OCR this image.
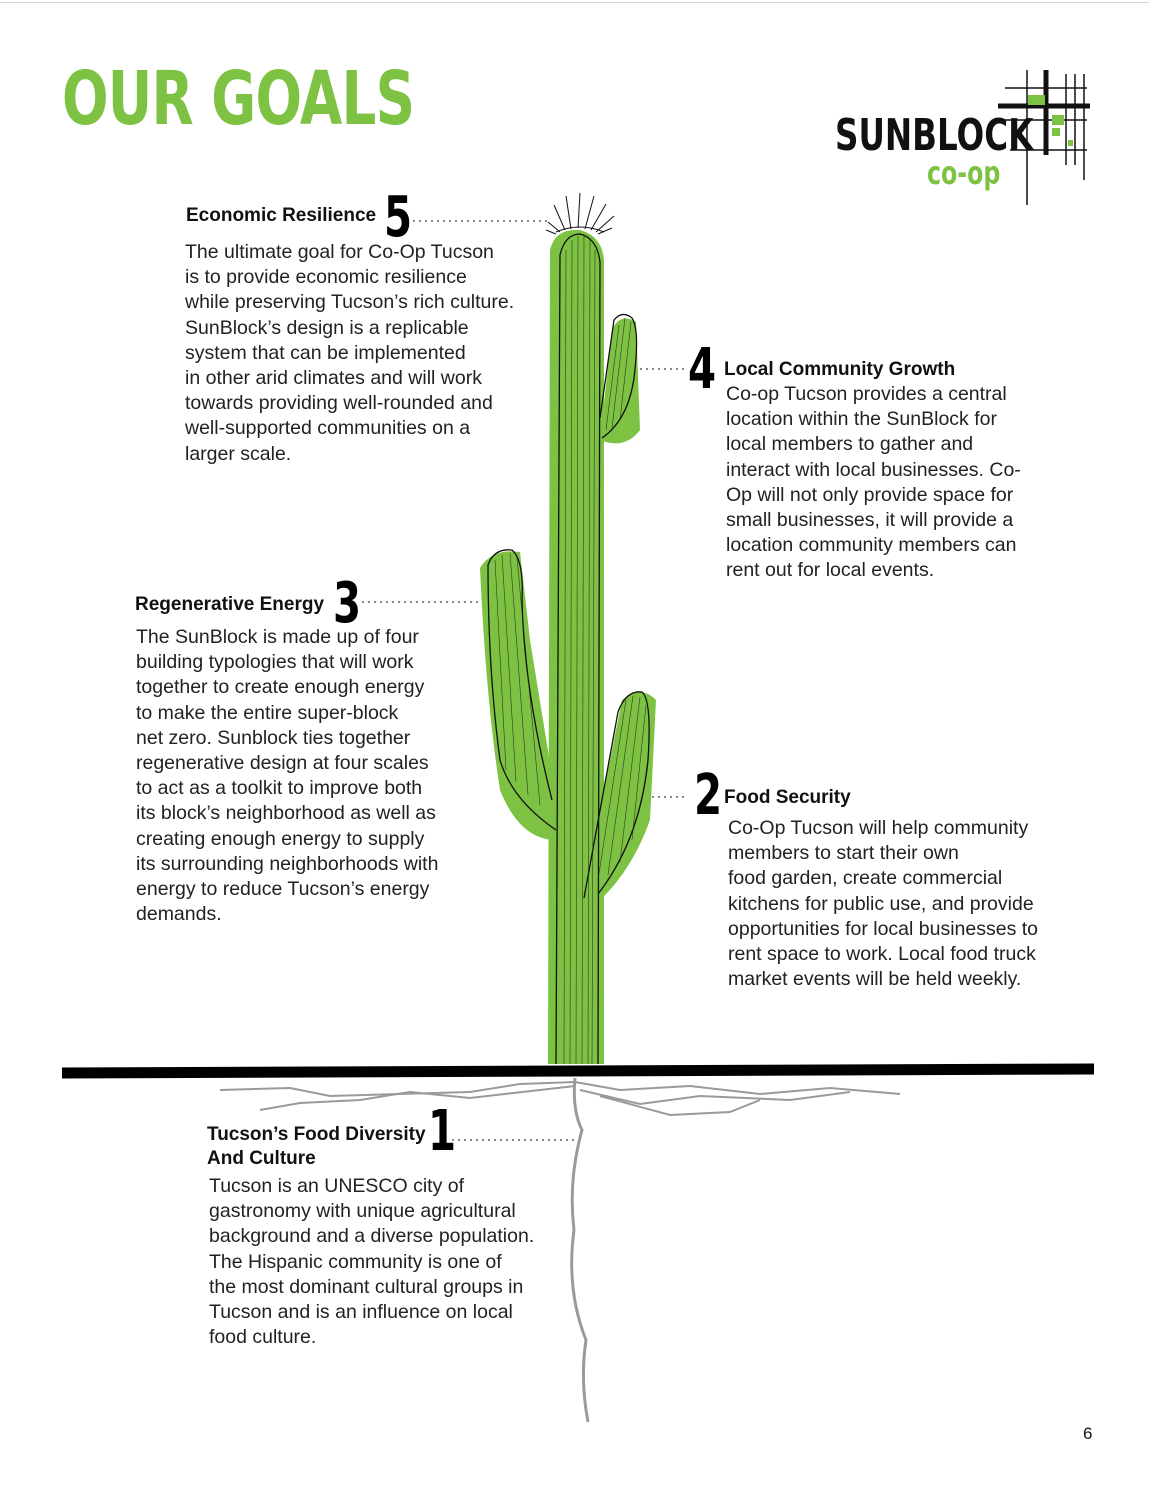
OUR GOALS	SUNBLOCK
co-op
Economic Resilience 5
The ultimate goal for Co-Op Tucson
is to provide economic resilience
while preserving Tucson’s rich culture.
SunBlock’s design is a replicable
system that can be implemented
in other arid climates and will work
towards providing well-rounded and
well-supported communities on a
larger scale.
4 Local Community Growth
Co-op Tucson provides a central
location within the SunBlock for
local members to gather and
interact with local businesses. Co-
Op will not only provide space for
small businesses, it will provide a
location community members can
rent out for local events.
Regenerative Energy 3
The SunBlock is made up of four
building typologies that will work
together to create enough energy
to make the entire super-block
net zero. Sunblock ties together
regenerative design at four scales
to act as a toolkit to improve both
its block’s neighborhood as well as
creating enough energy to supply
its surrounding neighborhoods with
energy to reduce Tucson’s energy
demands.
2 Food Security
Co-Op Tucson will help community
members to start their own
food garden, create commercial
kitchens for public use, and provide
opportunities for local businesses to
rent space to work. Local food truck
market events will be held weekly.
Tucson’s Food Diversity
And Culture 1
Tucson is an UNESCO city of
gastronomy with unique agricultural
background and a diverse population.
The Hispanic community is one of
the most dominant cultural groups in
Tucson and is an influence on local
food culture.
6
